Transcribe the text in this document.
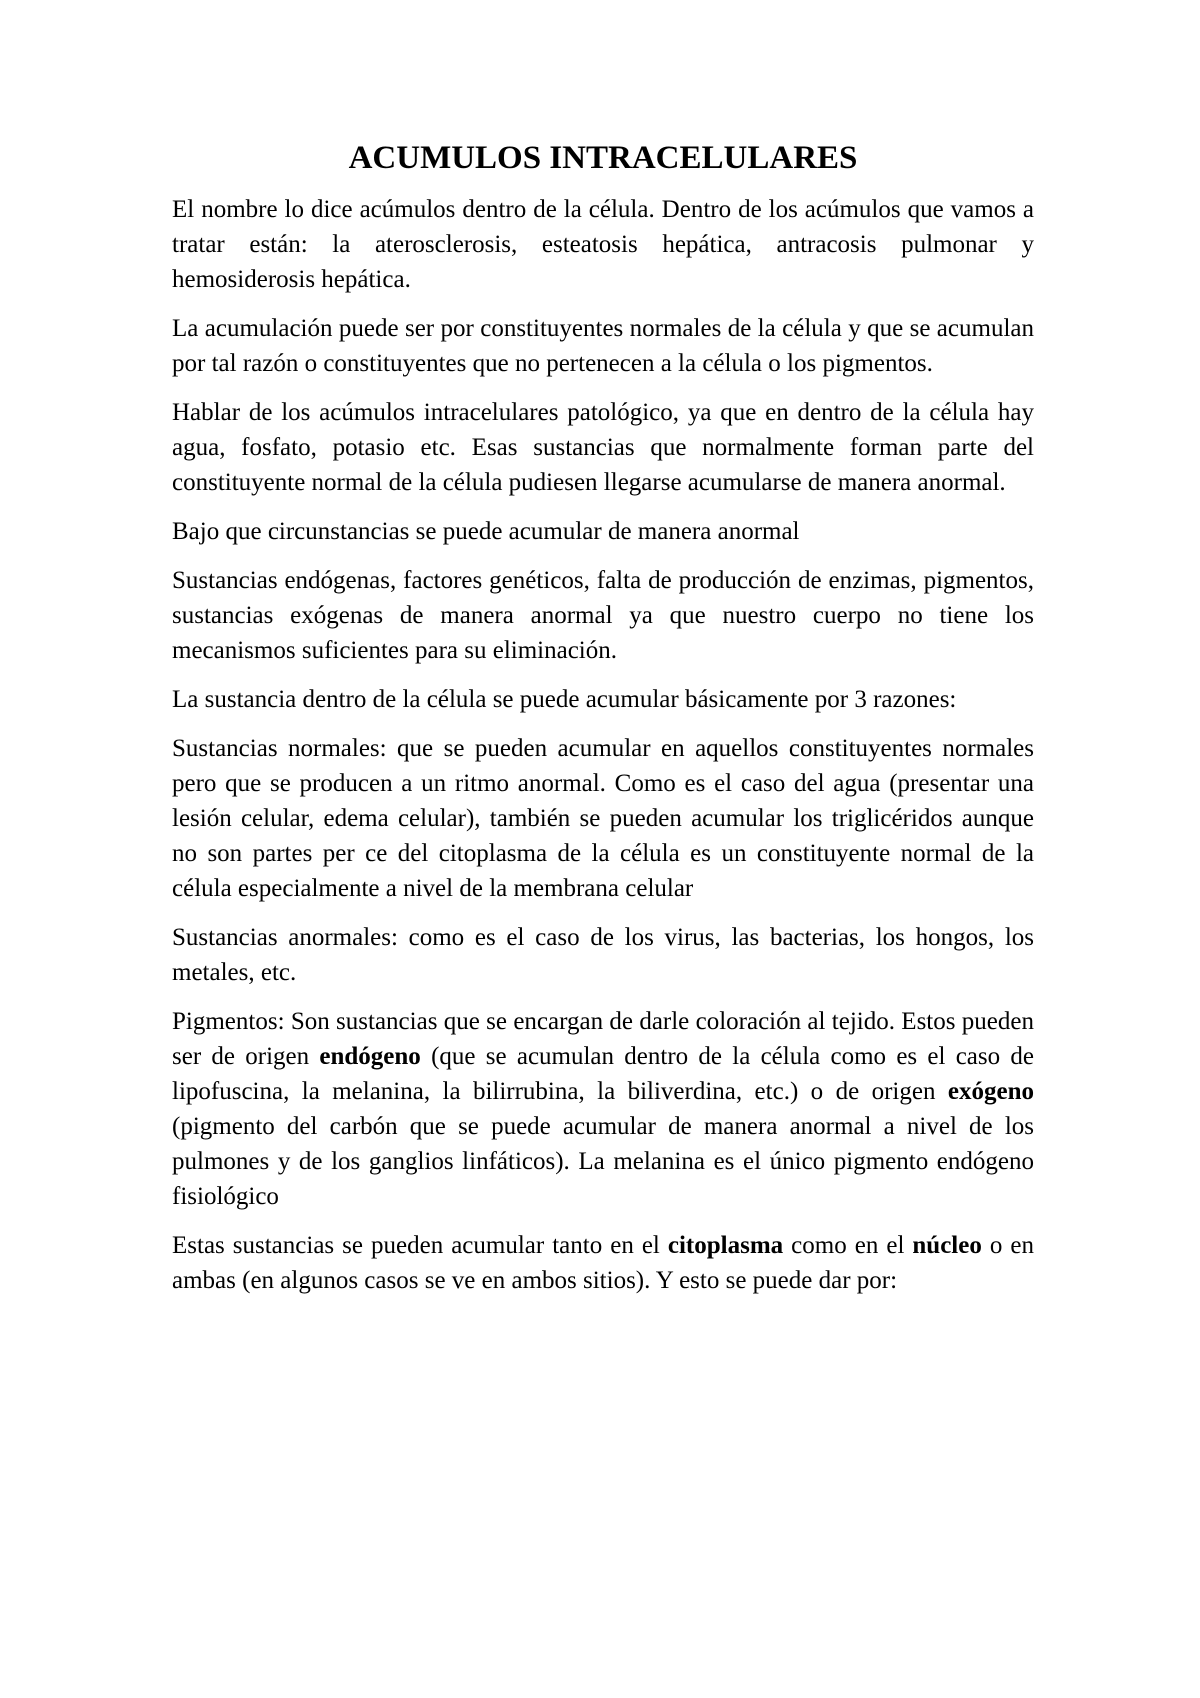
ACUMULOS INTRACELULARES

El nombre lo dice acúmulos dentro de la célula. Dentro de los acúmulos que vamos a tratar están: la aterosclerosis, esteatosis hepática, antracosis pulmonar y hemosiderosis hepática.

La acumulación puede ser por constituyentes normales de la célula y que se acumulan por tal razón o constituyentes que no pertenecen a la célula o los pigmentos.

Hablar de los acúmulos intracelulares patológico, ya que en dentro de la célula hay agua, fosfato, potasio etc. Esas sustancias que normalmente forman parte del constituyente normal de la célula pudiesen llegarse acumularse de manera anormal.

Bajo que circunstancias se puede acumular de manera anormal

Sustancias endógenas, factores genéticos, falta de producción de enzimas, pigmentos, sustancias exógenas de manera anormal ya que nuestro cuerpo no tiene los mecanismos suficientes para su eliminación.

La sustancia dentro de la célula se puede acumular básicamente por 3 razones:

Sustancias normales: que se pueden acumular en aquellos constituyentes normales pero que se producen a un ritmo anormal. Como es el caso del agua (presentar una lesión celular, edema celular), también se pueden acumular los triglicéridos aunque no son partes per ce del citoplasma de la célula es un constituyente normal de la célula especialmente a nivel de la membrana celular

Sustancias anormales: como es el caso de los virus, las bacterias, los hongos, los metales, etc.

Pigmentos: Son sustancias que se encargan de darle coloración al tejido. Estos pueden ser de origen endógeno (que se acumulan dentro de la célula como es el caso de lipofuscina, la melanina, la bilirrubina, la biliverdina, etc.) o de origen exógeno (pigmento del carbón que se puede acumular de manera anormal a nivel de los pulmones y de los ganglios linfáticos). La melanina es el único pigmento endógeno fisiológico

Estas sustancias se pueden acumular tanto en el citoplasma como en el núcleo o en ambas (en algunos casos se ve en ambos sitios). Y esto se puede dar por:
